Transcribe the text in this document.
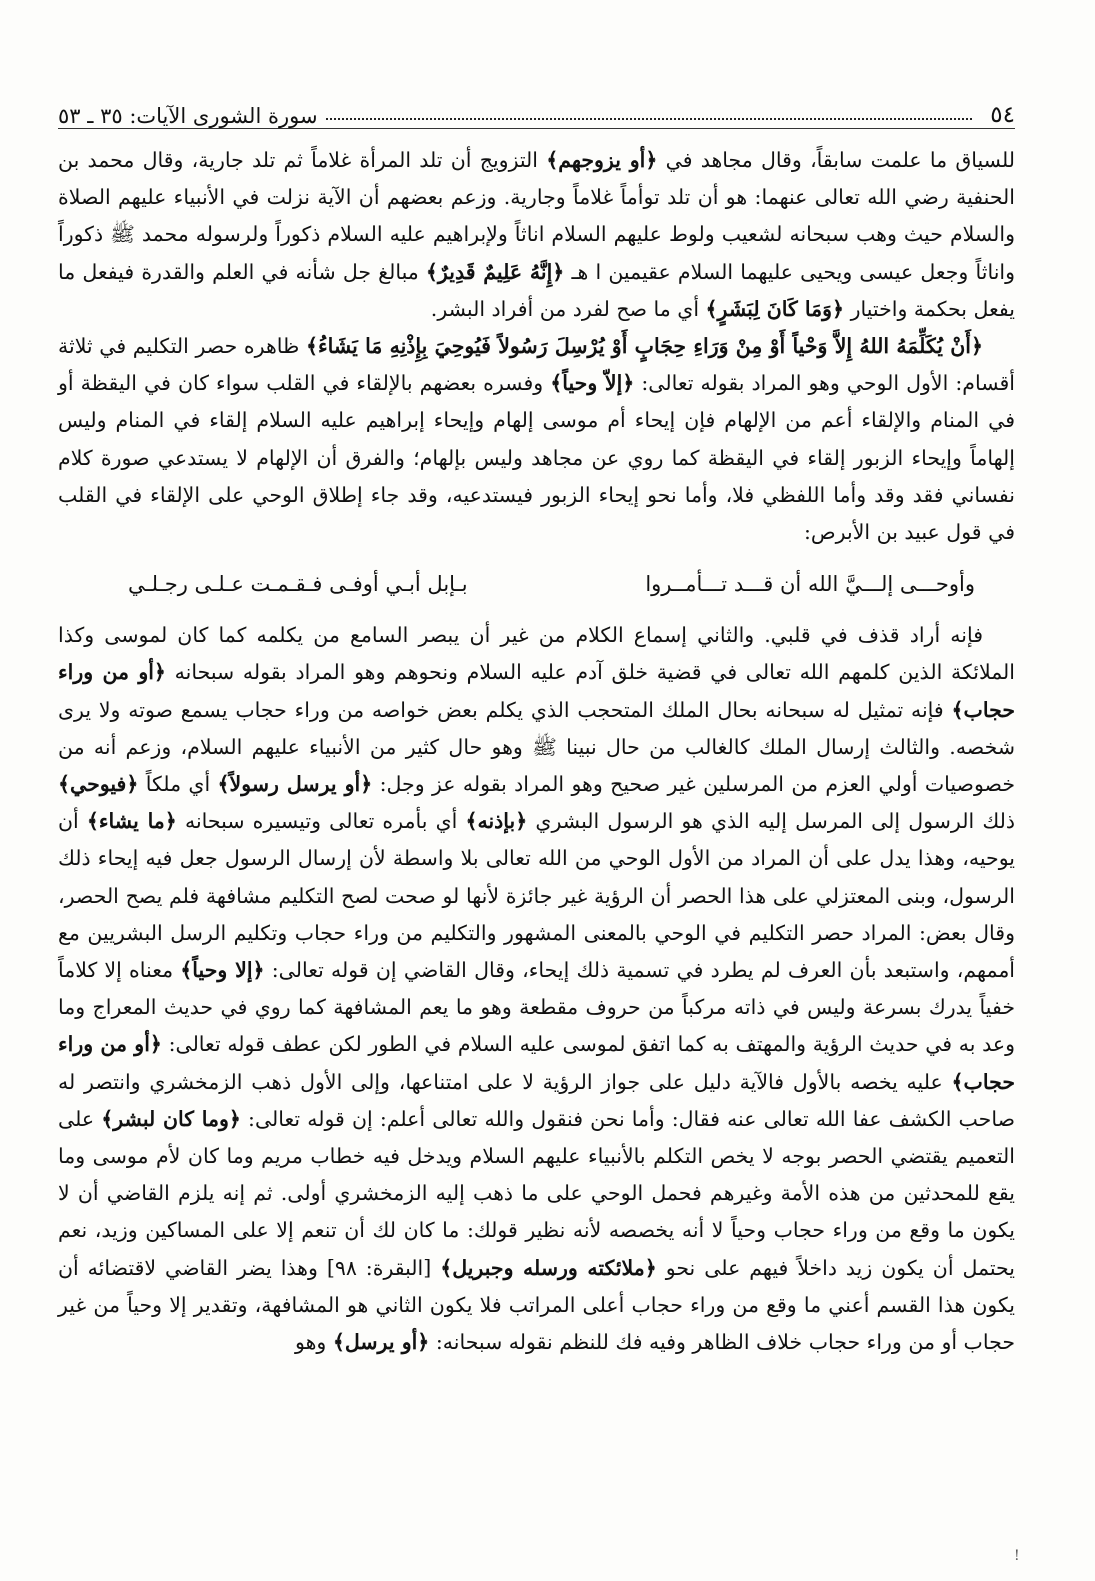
٥٤
سورة الشورى الآيات: ٣٥ ـ ٥٣

للسياق ما علمت سابقاً، وقال مجاهد في ﴿أو يزوجهم﴾ التزويج أن تلد المرأة غلاماً ثم تلد جارية، وقال محمد بن الحنفية رضي الله تعالى عنهما: هو أن تلد توأماً غلاماً وجارية. وزعم بعضهم أن الآية نزلت في الأنبياء عليهم الصلاة والسلام حيث وهب سبحانه لشعيب ولوط عليهم السلام اناثاً ولإبراهيم عليه السلام ذكوراً ولرسوله محمد ﷺ ذكوراً واناثاً وجعل عيسى ويحيى عليهما السلام عقيمين ا هـ ﴿إِنَّهُ عَلِيمٌ قَدِيرٌ﴾ مبالغ جل شأنه في العلم والقدرة فيفعل ما يفعل بحكمة واختيار ﴿وَمَا كَانَ لِبَشَرٍ﴾ أي ما صح لفرد من أفراد البشر.

﴿أَنْ يُكَلِّمَهُ اللهُ إِلاَّ وَحْياً أَوْ مِنْ وَرَاءِ حِجَابٍ أَوْ يُرْسِلَ رَسُولاً فَيُوحِيَ بِإِذْنِهِ مَا يَشَاءُ﴾ ظاهره حصر التكليم في ثلاثة أقسام: الأول الوحي وهو المراد بقوله تعالى: ﴿إلاّ وحياً﴾ وفسره بعضهم بالإلقاء في القلب سواء كان في اليقظة أو في المنام والإلقاء أعم من الإلهام فإن إيحاء أم موسى إلهام وإيحاء إبراهيم عليه السلام إلقاء في المنام وليس إلهاماً وإيحاء الزبور إلقاء في اليقظة كما روي عن مجاهد وليس بإلهام؛ والفرق أن الإلهام لا يستدعي صورة كلام نفساني فقد وقد وأما اللفظي فلا، وأما نحو إيحاء الزبور فيستدعيه، وقد جاء إطلاق الوحي على الإلقاء في القلب في قول عبيد بن الأبرص:

وأوحـــى إلـــيَّ الله أن قـــد تـــأمــروا
بـإبل أبـي أوفـى فـقـمـت عـلـى رجـلـي

فإنه أراد قذف في قلبي. والثاني إسماع الكلام من غير أن يبصر السامع من يكلمه كما كان لموسى وكذا الملائكة الذين كلمهم الله تعالى في قضية خلق آدم عليه السلام ونحوهم وهو المراد بقوله سبحانه ﴿أو من وراء حجاب﴾ فإنه تمثيل له سبحانه بحال الملك المتحجب الذي يكلم بعض خواصه من وراء حجاب يسمع صوته ولا يرى شخصه. والثالث إرسال الملك كالغالب من حال نبينا ﷺ وهو حال كثير من الأنبياء عليهم السلام، وزعم أنه من خصوصيات أولي العزم من المرسلين غير صحيح وهو المراد بقوله عز وجل: ﴿أو يرسل رسولاً﴾ أي ملكاً ﴿فيوحي﴾ ذلك الرسول إلى المرسل إليه الذي هو الرسول البشري ﴿بإذنه﴾ أي بأمره تعالى وتيسيره سبحانه ﴿ما يشاء﴾ أن يوحيه، وهذا يدل على أن المراد من الأول الوحي من الله تعالى بلا واسطة لأن إرسال الرسول جعل فيه إيحاء ذلك الرسول، وبنى المعتزلي على هذا الحصر أن الرؤية غير جائزة لأنها لو صحت لصح التكليم مشافهة فلم يصح الحصر، وقال بعض: المراد حصر التكليم في الوحي بالمعنى المشهور والتكليم من وراء حجاب وتكليم الرسل البشريين مع أممهم، واستبعد بأن العرف لم يطرد في تسمية ذلك إيحاء، وقال القاضي إن قوله تعالى: ﴿إلا وحياً﴾ معناه إلا كلاماً خفياً يدرك بسرعة وليس في ذاته مركباً من حروف مقطعة وهو ما يعم المشافهة كما روي في حديث المعراج وما وعد به في حديث الرؤية والمهتف به كما اتفق لموسى عليه السلام في الطور لكن عطف قوله تعالى: ﴿أو من وراء حجاب﴾ عليه يخصه بالأول فالآية دليل على جواز الرؤية لا على امتناعها، وإلى الأول ذهب الزمخشري وانتصر له صاحب الكشف عفا الله تعالى عنه فقال: وأما نحن فنقول والله تعالى أعلم: إن قوله تعالى: ﴿وما كان لبشر﴾ على التعميم يقتضي الحصر بوجه لا يخص التكلم بالأنبياء عليهم السلام ويدخل فيه خطاب مريم وما كان لأم موسى وما يقع للمحدثين من هذه الأمة وغيرهم فحمل الوحي على ما ذهب إليه الزمخشري أولى. ثم إنه يلزم القاضي أن لا يكون ما وقع من وراء حجاب وحياً لا أنه يخصصه لأنه نظير قولك: ما كان لك أن تنعم إلا على المساكين وزيد، نعم يحتمل أن يكون زيد داخلاً فيهم على نحو ﴿ملائكته ورسله وجبريل﴾ [البقرة: ٩٨] وهذا يضر القاضي لاقتضائه أن يكون هذا القسم أعني ما وقع من وراء حجاب أعلى المراتب فلا يكون الثاني هو المشافهة، وتقدير إلا وحياً من غير حجاب أو من وراء حجاب خلاف الظاهر وفيه فك للنظم نقوله سبحانه: ﴿أو يرسل﴾ وهو

!
